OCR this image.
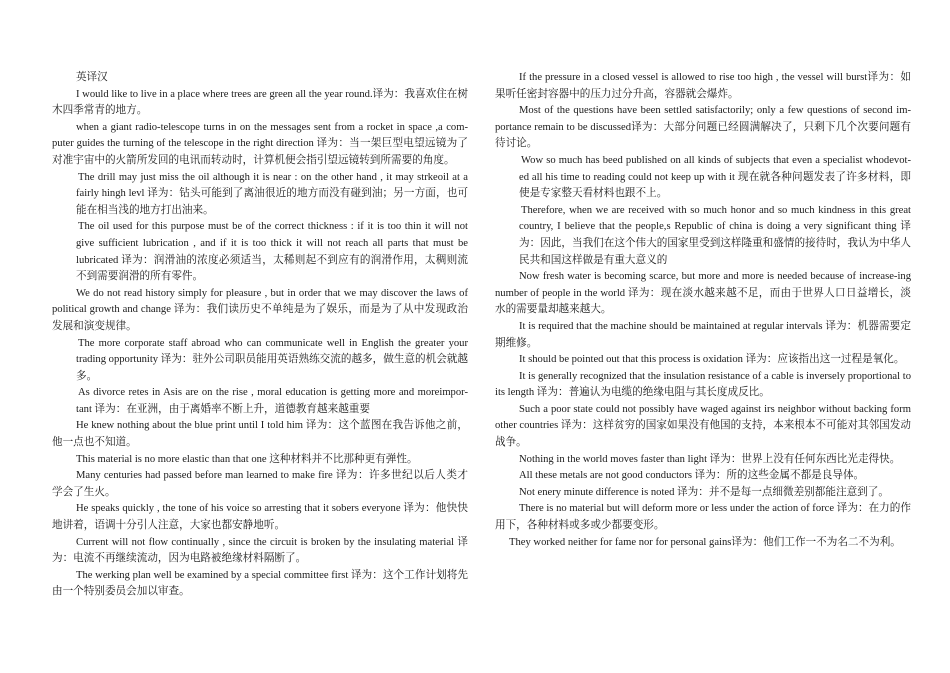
英译汉

I would like to live in a place where trees are green all the year round.译为：我喜欢住在树木四季常青的地方。

when a giant radio-telescope turns in on the messages sent from a rocket in space ,a com-puter guides the turning of the telescope in the right direction 译为：当一架巨型电望远镜为了对准宇宙中的火箭所发回的电讯而转动时，计算机便会指引望远镜转到所需要的角度。

The drill may just miss the oil although it is near : on the other hand , it may strkeoil at a fairly hingh levl 译为：钻头可能到了离油很近的地方而没有碰到油；另一方面，也可能在相当浅的地方打出油来。

The oil used for this purpose must be of the correct thickness : if it is too thin it will not give sufficient lubrication , and if it is too thick it will not reach all parts that must be lubricated 译为：润滑油的浓度必须适当，太稀则起不到应有的润滑作用，太稠则流不到需要润滑的所有零件。

We do not read history simply for pleasure , but in order that we may discover the laws of political growth and change 译为：我们读历史不单纯是为了娱乐，而是为了从中发现政治发展和演变规律。

The more corporate staff abroad who can communicate well in English the greater your trading opportunity 译为：驻外公司职员能用英语熟练交流的越多，做生意的机会就越多。

As divorce retes in Asis are on the rise , moral education is getting more and moreimpor-tant 译为：在亚洲，由于离婚率不断上升，道德教育越来越重要

He knew nothing about the blue print until I told him 译为：这个蓝图在我告诉他之前，他一点也不知道。

This material is no more elastic than that one 这种材料并不比那种更有弹性。

Many centuries had passed before man learned to make fire 译为：许多世纪以后人类才学会了生火。

He speaks quickly , the tone of his voice so arresting that it sobers everyone 译为：他快快地讲着，语调十分引人注意，大家也都安静地听。

Current will not flow continually , since the circuit is broken by the insulating material 译为：电流不再继续流动，因为电路被绝缘材料隔断了。

The werking plan well be examined by a special committee first 译为：这个工作计划将先由一个特别委员会加以审查。

If the pressure in a closed vessel is allowed to rise too high , the vessel will burst译为：如果听任密封容器中的压力过分升高，容器就会爆炸。

Most of the questions have been settled satisfactorily; only a few questions of second im-portance remain to be discussed译为：大部分问题已经圆满解决了，只剩下几个次要问题有待讨论。

Wow so much has beed published on all kinds of subjects that even a specialist whodevot-ed all his time to reading could not keep up with it 现在就各种问题发表了许多材料，即使是专家整天看材料也跟不上。

Therefore, when we are received with so much honor and so much kindness in this great country, I believe that the people,s Republic of china is doing a very significant thing 译为：因此，当我们在这个伟大的国家里受到这样隆重和盛情的接待时，我认为中华人民共和国这样做是有重大意义的

Now fresh water is becoming scarce, but more and more is needed because of increase-ing number of people in the world 译为：现在淡水越来越不足，而由于世界人口日益增长，淡水的需要量却越来越大。

It is required that the machine should be maintained at regular intervals 译为：机器需要定期维修。

It should be pointed out that this process is oxidation 译为：应该指出这一过程是氧化。

It is generally recognized that the insulation resistance of a cable is inversely proportional to its length 译为：普遍认为电缆的绝缘电阻与其长度成反比。

Such a poor state could not possibly have waged against irs neighbor without backing form other countries 译为：这样贫穷的国家如果没有他国的支持，本来根本不可能对其邻国发动战争。

Nothing in the world moves faster than light 译为：世界上没有任何东西比光走得快。

All these metals are not good conductors 译为：所的这些金属不都是良导体。

Not enery minute difference is noted 译为：并不是每一点细微差别都能注意到了。

There is no material but will deform more or less under the action of force 译为：在力的作用下，各种材料或多或少都要变形。

They worked neither for fame nor for personal gains译为：他们工作一不为名二不为利。
